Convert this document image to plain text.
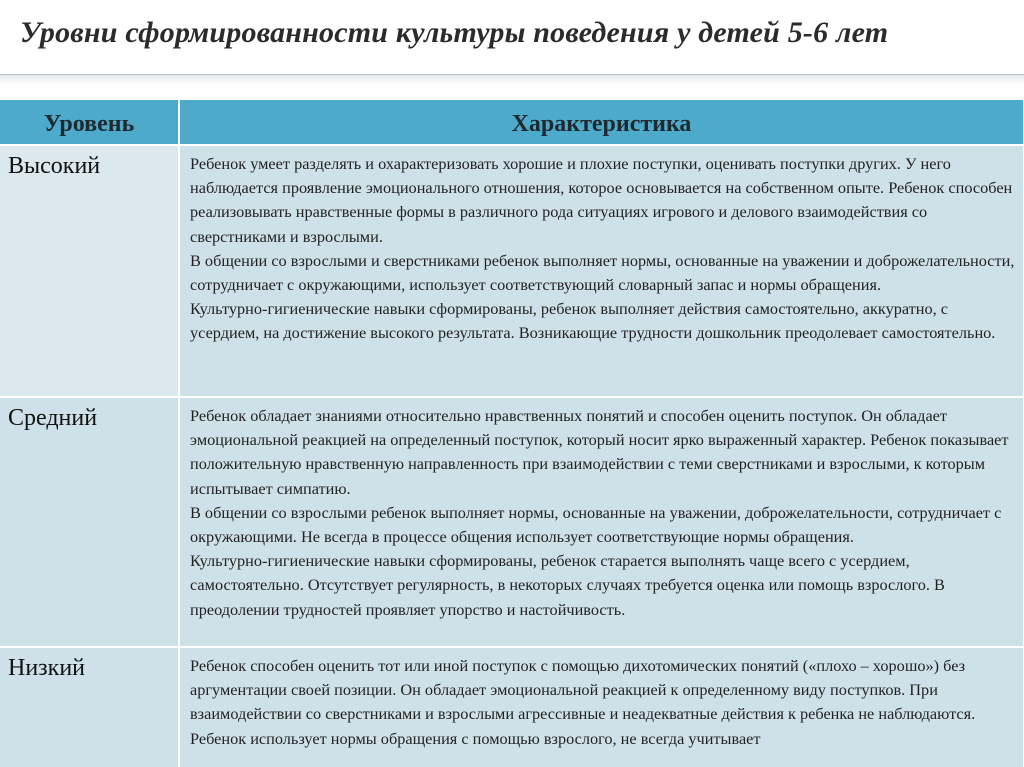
Уровни сформированности культуры поведения у детей 5-6 лет
Уровень	Характеристика
Высокий	Ребенок умеет разделять и охарактеризовать хорошие и плохие поступки, оценивать поступки других. У него наблюдается проявление эмоционального отношения, которое основывается на собственном опыте. Ребенок способен реализовывать нравственные формы в различного рода ситуациях игрового и делового взаимодействия со сверстниками и взрослыми.
В общении со взрослыми и сверстниками ребенок выполняет нормы, основанные на уважении и доброжелательности, сотрудничает с окружающими, использует соответствующий словарный запас и нормы обращения.
Культурно-гигиенические навыки сформированы, ребенок выполняет действия самостоятельно, аккуратно, с усердием, на достижение высокого результата. Возникающие трудности дошкольник преодолевает самостоятельно.

Средний	Ребенок обладает знаниями относительно нравственных понятий и способен оценить поступок. Он обладает эмоциональной реакцией на определенный поступок, который носит ярко выраженный характер. Ребенок показывает положительную нравственную направленность при взаимодействии с теми сверстниками и взрослыми, к которым испытывает симпатию.
В общении со взрослыми ребенок выполняет нормы, основанные на уважении, доброжелательности, сотрудничает с окружающими. Не всегда в процессе общения использует соответствующие нормы обращения.
Культурно-гигиенические навыки сформированы, ребенок старается выполнять чаще всего с усердием, самостоятельно. Отсутствует регулярность, в некоторых случаях требуется оценка или помощь взрослого. В преодолении трудностей проявляет упорство и настойчивость.

Низкий	Ребенок способен оценить тот или иной поступок с помощью дихотомических понятий («плохо – хорошо») без аргументации своей позиции. Он обладает эмоциональной реакцией к определенному виду поступков. При взаимодействии со сверстниками и взрослыми агрессивные и неадекватные действия к ребенка не наблюдаются.
Ребенок использует нормы обращения с помощью взрослого, не всегда учитывает
